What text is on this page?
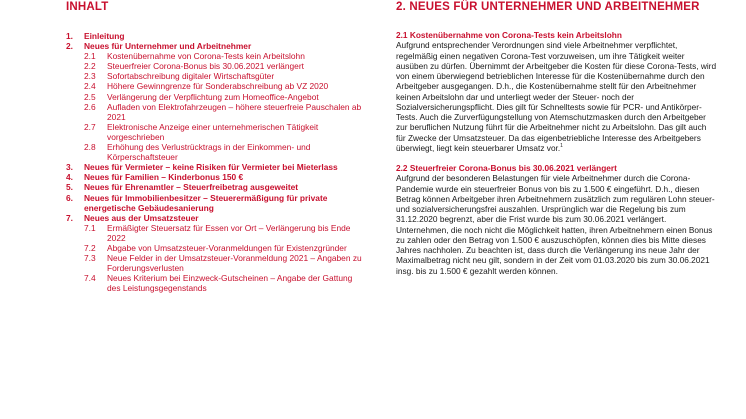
INHALT
1.	Einleitung
2.	Neues für Unternehmer und Arbeitnehmer
2.1	Kostenübernahme von Corona-Tests kein Arbeitslohn
2.2	Steuerfreier Corona-Bonus bis 30.06.2021 verlängert
2.3	Sofortabschreibung digitaler Wirtschaftsgüter
2.4	Höhere Gewinngrenze für Sonderabschreibung ab VZ 2020
2.5	Verlängerung der Verpflichtung zum Homeoffice-Angebot
2.6	Aufladen von Elektrofahrzeugen – höhere steuerfreie Pauschalen ab 2021
2.7	Elektronische Anzeige einer unternehmerischen Tätigkeit vorgeschrieben
2.8	Erhöhung des Verlustrücktrags in der Einkommen- und Körperschaftsteuer
3.	Neues für Vermieter – keine Risiken für Vermieter bei Mieterlass
4.	Neues für Familien – Kinderbonus 150 €
5.	Neues für Ehrenamtler – Steuerfreibetrag ausgeweitet
6.	Neues für Immobilienbesitzer – Steuerermäßigung für private energetische Gebäudesanierung
7.	Neues aus der Umsatzsteuer
7.1	Ermäßigter Steuersatz für Essen vor Ort – Verlängerung bis Ende 2022
7.2	Abgabe von Umsatzsteuer-Voranmeldungen für Existenzgründer
7.3	Neue Felder in der Umsatzsteuer-Voranmeldung 2021 – Angaben zu Forderungsverlusten
7.4	Neues Kriterium bei Einzweck-Gutscheinen – Angabe der Gattung des Leistungsgegenstands
2. NEUES FÜR UNTERNEHMER UND ARBEITNEHMER
2.1 Kostenübernahme von Corona-Tests kein Arbeitslohn
Aufgrund entsprechender Verordnungen sind viele Arbeitnehmer verpflichtet, regelmäßig einen negativen Corona-Test vorzuweisen, um ihre Tätigkeit weiter ausüben zu dürfen. Übernimmt der Arbeitgeber die Kosten für diese Corona-Tests, wird von einem überwiegend betrieblichen Interesse für die Kostenübernahme durch den Arbeitgeber ausgegangen. D.h., die Kostenübernahme stellt für den Arbeitnehmer keinen Arbeitslohn dar und unterliegt weder der Steuer- noch der Sozialversicherungspflicht. Dies gilt für Schnelltests sowie für PCR- und Antikörper-Tests. Auch die Zurverfügungstellung von Atemschutzmasken durch den Arbeitgeber zur beruflichen Nutzung führt für die Arbeitnehmer nicht zu Arbeitslohn. Das gilt auch für Zwecke der Umsatzsteuer. Da das eigenbetriebliche Interesse des Arbeitgebers überwiegt, liegt kein steuerbarer Umsatz vor.$^1$
2.2 Steuerfreier Corona-Bonus bis 30.06.2021 verlängert
Aufgrund der besonderen Belastungen für viele Arbeitnehmer durch die Corona-Pandemie wurde ein steuerfreier Bonus von bis zu 1.500 € eingeführt. D.h., diesen Betrag können Arbeitgeber ihren Arbeitnehmern zusätzlich zum regulären Lohn steuer- und sozialversicherungsfrei auszahlen. Ursprünglich war die Regelung bis zum 31.12.2020 begrenzt, aber die Frist wurde bis zum 30.06.2021 verlängert. Unternehmen, die noch nicht die Möglichkeit hatten, ihren Arbeitnehmern einen Bonus zu zahlen oder den Betrag von 1.500 € auszuschöpfen, können dies bis Mitte dieses Jahres nachholen. Zu beachten ist, dass durch die Verlängerung ins neue Jahr der Maximalbetrag nicht neu gilt, sondern in der Zeit vom 01.03.2020 bis zum 30.06.2021 insg. bis zu 1.500 € gezahlt werden können.
